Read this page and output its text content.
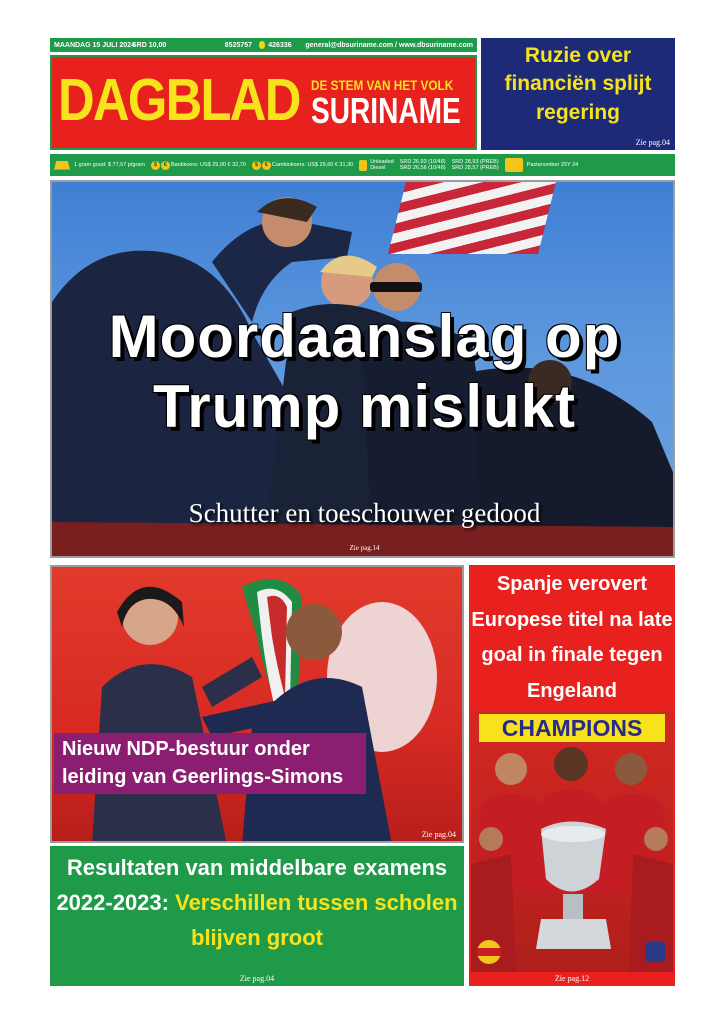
MAANDAG 15 JULI 2024
SRD 10,00	8525757	426336	general@dbsuriname.com / www.dbsuriname.com
DAGBLAD DE STEM VAN HET VOLK
SURINAME
Ruzie over financiën splijt regering
Zie pag.04
1 gram goud: $ 77,57 p/gram	$	€ Bankkoers: US$ 29,00 € 32,70	$	€ Cambiokoers: US$ 29,60 € 31,30
Unleaded
Diesel
SRD 26,93 (10/48)
SRD 26,56 (10/48)
SRD 28,93 (PREB)
SRD 28,57 (PREB)	Pastanumber 25Y 24
Moordaanslag op
Trump mislukt
Schutter en toeschouwer gedood
Zie pag.14
Nieuw NDP-bestuur onder leiding van Geerlings-Simons
Zie pag.04
Resultaten van middelbare examens 2022-2023: Verschillen tussen scholen blijven groot
Zie pag.04
Spanje verovert Europese titel na late goal in finale tegen Engeland
CHAMPIONS
Zie pag.12
